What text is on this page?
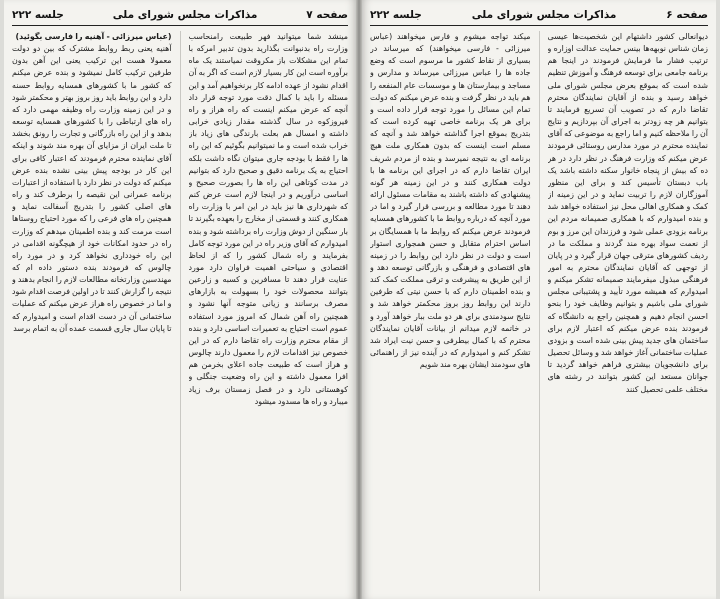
صفحه ۷
مذاکرات مجلس شورای ملی
جلسه ۲۲۲
مینشد شما میتوانید فهر طبیعت رامنحاسب وزارت راه بدنبوانت بگذارید بدون تدبیر امرکه با تمام این مشکلات باز مکروقت نمیاستند یک ماه برآوره است این کار بسیار لازم است که اگر به آن اقدام نشود از عهده ادامه کار برنخواهیم آمد و این مسئله را باید با کمال دقت مورد توجه قرار داد آنچه که عرض میکنم اینست که راه هراز و راه فیروزکوه در سال گذشته مقدار زیادی خرابی داشته و امسال هم بعلت بارندگی های زیاد باز خراب شده است و ما نمیتوانیم بگوئیم که این راه ها را فقط با بودجه جاری میتوان نگاه داشت بلکه احتیاج به یک برنامه دقیق و صحیح دارد که بتوانیم در مدت کوتاهی این راه ها را بصورت صحیح و اساسی درآوریم و در اینجا لازم است عرض کنم که شهرداری ها نیز باید در این امر با وزارت راه همکاری کنند و قسمتی از مخارج را بعهده بگیرند تا بار سنگین از دوش وزارت راه برداشته شود و بنده امیدوارم که آقای وزیر راه در این مورد توجه کامل بفرمایند و راه شمال کشور را که از لحاظ اقتصادی و سیاحتی اهمیت فراوان دارد مورد عنایت قرار دهند تا مسافرین و کسبه و زارعین بتوانند محصولات خود را بسهولت به بازارهای مصرف برسانند و زیانی متوجه آنها نشود و همچنین راه آهن شمال که امروز مورد استفاده عموم است احتیاج به تعمیرات اساسی دارد و بنده از مقام محترم وزارت راه تقاضا دارم که در این خصوص نیز اقدامات لازم را معمول دارند چالوس و هراز است که طبیعت جاده اعلای بخرمن هم افرا معمول داشته و این راه وضعیت جنگلی و کوهستانی دارد و در فصل زمستان برف زیاد میبارد و راه ها مسدود میشود
(عباس میرزائی - آهنیه را فارسی بگوئید)
آهنیه یعنی ربط روابط مشترک که بین دو دولت معمولا هست این ترکیب یعنی این آهن بدون طرفین ترکیب کامل نمیشود و بنده عرض میکنم که کشور ما با کشورهای همسایه روابط حسنه دارد و این روابط باید روز بروز بهتر و محکمتر شود و در این زمینه وزارت راه وظیفه مهمی دارد که راه های ارتباطی را با کشورهای همسایه توسعه بدهد و از این راه بازرگانی و تجارت را رونق بخشد تا ملت ایران از مزایای آن بهره مند شوند و اینکه آقای نماینده محترم فرمودند که اعتبار کافی برای این کار در بودجه پیش بینی نشده بنده عرض میکنم که دولت در نظر دارد با استفاده از اعتبارات برنامه عمرانی این نقیصه را برطرف کند و راه های اصلی کشور را بتدریج آسفالت نماید و همچنین راه های فرعی را که مورد احتیاج روستاها است مرمت کند و بنده اطمینان میدهم که وزارت راه در حدود امکانات خود از هیچگونه اقدامی در این راه خودداری نخواهد کرد و در مورد راه چالوس که فرمودند بنده دستور داده ام که مهندسین وزارتخانه مطالعات لازم را انجام بدهند و نتیجه را گزارش کنند تا در اولین فرصت اقدام شود و اما در خصوص راه هراز عرض میکنم که عملیات ساختمانی آن در دست اقدام است و امیدوارم که تا پایان سال جاری قسمت عمده آن به اتمام برسد
صفحه ۶
مذاکرات مجلس شورای ملی
جلسه ۲۲۲
دیوانعالی کشور داشتهام این شخصیت‌ها عیسی زمان شناس نوبهه‌ها بینس حمایت عدالت اوزاره و ترتیب فشار ما فرمایش فرمودند در اینجا هم برنامه جامعی برای توسعه فرهنگ و آموزش تنظیم شده است که بموقع بعرض مجلس شورای ملی خواهد رسید و بنده از آقایان نمایندگان محترم تقاضا دارم که در تصویب آن تسریع فرمایند تا بتوانیم هر چه زودتر به اجرای آن بپردازیم و نتایج آن را ملاحظه کنیم و اما راجع به موضوعی که آقای نماینده محترم در مورد مدارس روستائی فرمودند عرض میکنم که وزارت فرهنگ در نظر دارد در هر ده که بیش از پنجاه خانوار سکنه داشته باشد یک باب دبستان تأسیس کند و برای این منظور آموزگاران لازم را تربیت نماید و در این زمینه از کمک و همکاری اهالی محل نیز استفاده خواهد شد و بنده امیدوارم که با همکاری صمیمانه مردم این برنامه بزودی عملی شود و فرزندان این مرز و بوم از نعمت سواد بهره مند گردند و مملکت ما در ردیف کشورهای مترقی جهان قرار گیرد و در پایان از توجهی که آقایان نمایندگان محترم به امور فرهنگی مبذول میفرمایند صمیمانه تشکر میکنم و امیدوارم که همیشه مورد تأیید و پشتیبانی مجلس شورای ملی باشیم و بتوانیم وظایف خود را بنحو احسن انجام دهیم و همچنین راجع به دانشگاه که فرمودند بنده عرض میکنم که اعتبار لازم برای ساختمان های جدید پیش بینی شده است و بزودی عملیات ساختمانی آغاز خواهد شد و وسائل تحصیل برای دانشجویان بیشتری فراهم خواهد گردید تا جوانان مستعد این کشور بتوانند در رشته های مختلف علمی تحصیل کنند
میکند تواجه میشوم و فارس میخواهند (عباس میرزائی - فارسی میخواهند) که میرساند در بسیاری از نقاط کشور ما مرسوم است که وضع جاده ها را عباس میرزائی میرساند و مدارس و مساجد و بیمارستان ها و موسسات عام المنفعه را هم باید در نظر گرفت و بنده عرض میکنم که دولت تمام این مسائل را مورد توجه قرار داده است و برای هر یک برنامه خاصی تهیه کرده است که بتدریج بموقع اجرا گذاشته خواهد شد و آنچه که مسلم است اینست که بدون همکاری ملت هیچ برنامه ای به نتیجه نمیرسد و بنده از مردم شریف ایران تقاضا دارم که در اجرای این برنامه ها با دولت همکاری کنند و در این زمینه هر گونه پیشنهادی که داشته باشند به مقامات مسئول ارائه دهند تا مورد مطالعه و بررسی قرار گیرد و اما در مورد آنچه که درباره روابط ما با کشورهای همسایه فرمودند عرض میکنم که روابط ما با همسایگان بر اساس احترام متقابل و حسن همجواری استوار است و دولت در نظر دارد این روابط را در زمینه های اقتصادی و فرهنگی و بازرگانی توسعه دهد و از این طریق به پیشرفت و ترقی مملکت کمک کند و بنده اطمینان دارم که با حسن نیتی که طرفین دارند این روابط روز بروز محکمتر خواهد شد و نتایج سودمندی برای هر دو ملت ببار خواهد آورد و در خاتمه لازم میدانم از بیانات آقایان نمایندگان محترم که با کمال بیطرفی و حسن نیت ایراد شد تشکر کنم و امیدوارم که در آینده نیز از راهنمائی های سودمند ایشان بهره مند شویم
